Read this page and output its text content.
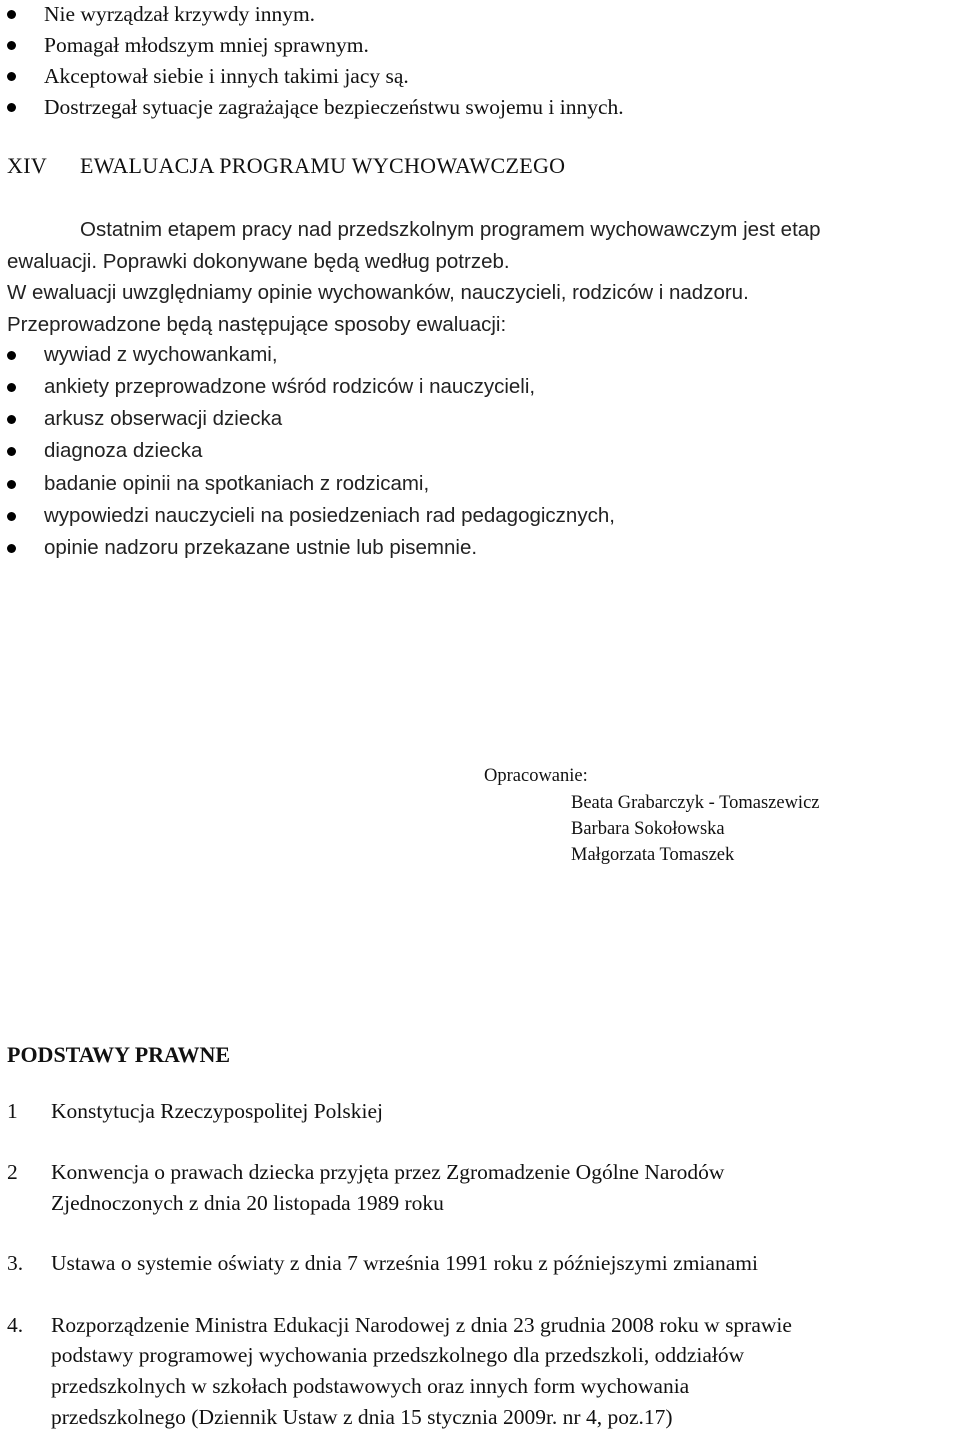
Nie wyrządzał krzywdy innym.
Pomagał młodszym mniej sprawnym.
Akceptował siebie i innych takimi jacy są.
Dostrzegał sytuacje zagrażające bezpieczeństwu swojemu i innych.
XIV EWALUACJA PROGRAMU WYCHOWAWCZEGO
Ostatnim etapem pracy nad przedszkolnym programem wychowawczym jest etap
ewaluacji. Poprawki dokonywane będą według potrzeb.
W ewaluacji uwzględniamy opinie wychowanków, nauczycieli, rodziców i nadzoru.
Przeprowadzone będą następujące sposoby ewaluacji:
wywiad z wychowankami,
ankiety przeprowadzone wśród rodziców i nauczycieli,
arkusz obserwacji dziecka
diagnoza dziecka
badanie opinii na spotkaniach z rodzicami,
wypowiedzi nauczycieli na posiedzeniach rad pedagogicznych,
opinie nadzoru przekazane ustnie lub pisemnie.
Opracowanie:
Beata Grabarczyk - Tomaszewicz
Barbara Sokołowska
Małgorzata Tomaszek
PODSTAWY PRAWNE
1 Konstytucja Rzeczypospolitej Polskiej
2 Konwencja o prawach dziecka przyjęta przez Zgromadzenie Ogólne Narodów
Zjednoczonych z dnia 20 listopada 1989 roku
3. Ustawa o systemie oświaty z dnia 7 września 1991 roku z późniejszymi zmianami
4. Rozporządzenie Ministra Edukacji Narodowej z dnia 23 grudnia 2008 roku w sprawie
podstawy programowej wychowania przedszkolnego dla przedszkoli, oddziałów
przedszkolnych w szkołach podstawowych oraz innych form wychowania
przedszkolnego (Dziennik Ustaw z dnia 15 stycznia 2009r. nr 4, poz.17)
